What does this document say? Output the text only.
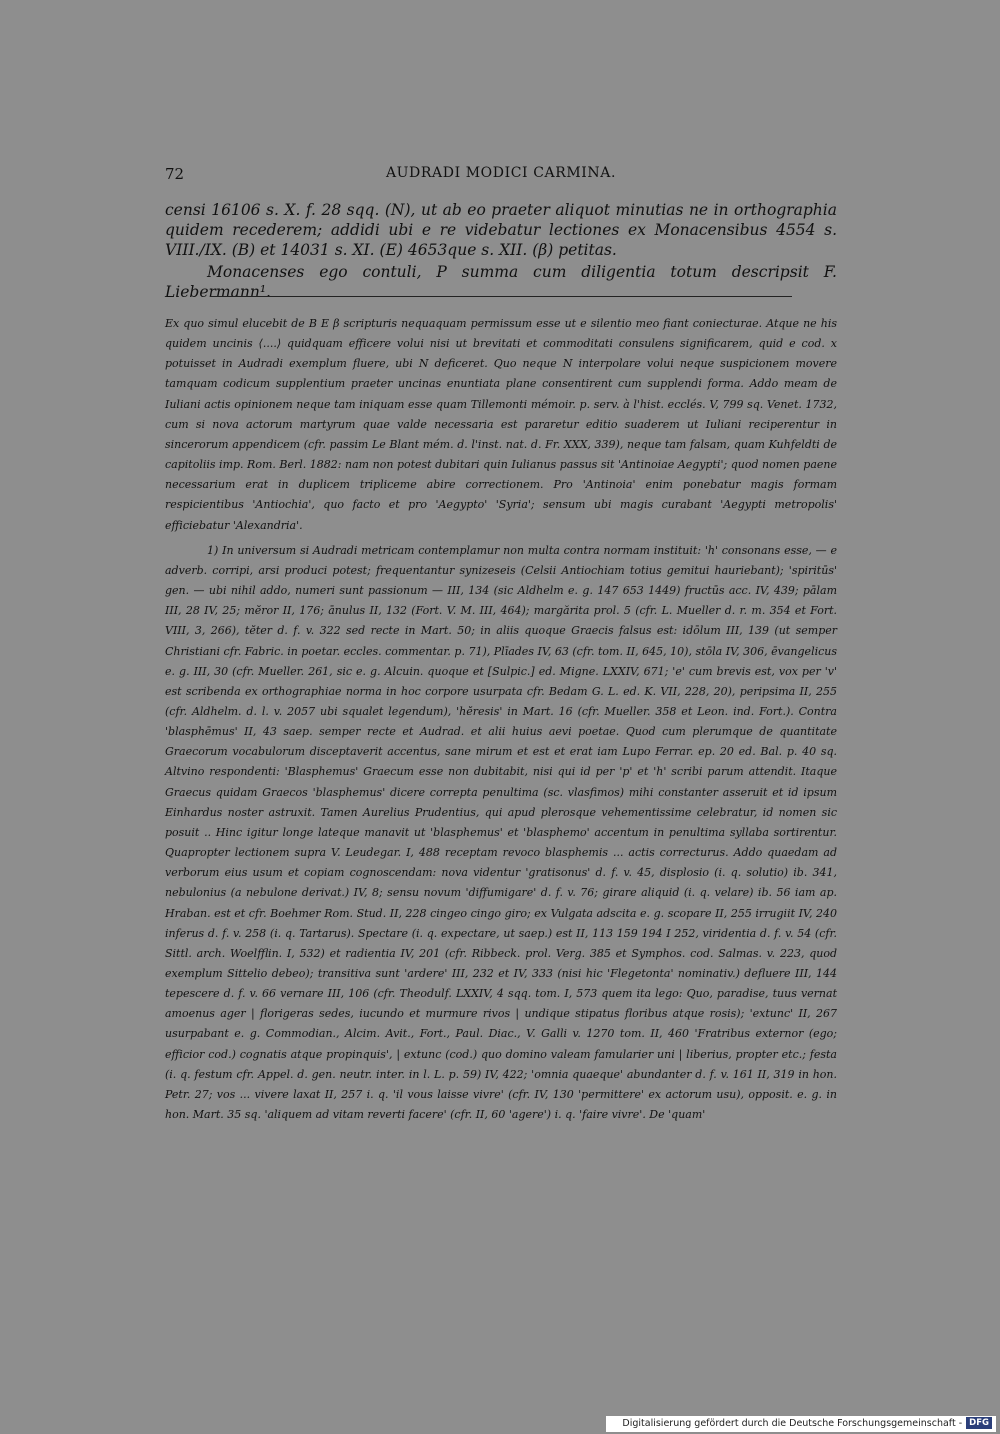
72	AUDRADI MODICI CARMINA.

censi 16106 s. X. f. 28 sqq. (N), ut ab eo praeter aliquot minutias ne in orthographia quidem recederem; addidi ubi e re videbatur lectiones ex Monacensibus 4554 s. VIII./IX. (B) et 14031 s. XI. (E) 4653que s. XII. (β) petitas.

Monacenses ego contuli, P summa cum diligentia totum descripsit F. Liebermann¹.

Ex quo simul elucebit de B E β scripturis nequaquam permissum esse ut e silentio meo fiant coniecturae. Atque ne his quidem uncinis ⟨....⟩ quidquam efficere volui nisi ut brevitati et commoditati consulens significarem, quid e cod. x potuisset in Audradi exemplum fluere, ubi N deficeret. Quo neque N interpolare volui neque suspicionem movere tamquam codicum supplentium praeter uncinas enuntiata plane consentirent cum supplendi forma. Addo meam de Iuliani actis opinionem neque tam iniquam esse quam Tillemonti mémoir. p. serv. à l'hist. ecclés. V, 799 sq. Venet. 1732, cum si nova actorum martyrum quae valde necessaria est pararetur editio suaderem ut Iuliani reciperentur in sincerorum appendicem (cfr. passim Le Blant mém. d. l'inst. nat. d. Fr. XXX, 339), neque tam falsam, quam Kuhfeldti de capitoliis imp. Rom. Berl. 1882: nam non potest dubitari quin Iulianus passus sit 'Antinoiae Aegypti'; quod nomen paene necessarium erat in duplicem tripliceme abire correctionem. Pro 'Antinoia' enim ponebatur magis formam respicientibus 'Antiochia', quo facto et pro 'Aegypto' 'Syria'; sensum ubi magis curabant 'Aegypti metropolis' efficiebatur 'Alexandria'.

1) In universum si Audradi metricam contemplamur non multa contra normam instituit: 'h' consonans esse, — e adverb. corripi, arsi produci potest; frequentantur synizeseis (Celsii Antiochiam totius gemitui hauriebant); 'spiritūs' gen. — ubi nihil addo, numeri sunt passionum — III, 134 (sic Aldhelm e. g. 147 653 1449) fructūs acc. IV, 439; pālam III, 28 IV, 25; mĕror II, 176; ānulus II, 132 (Fort. V. M. III, 464); margărita prol. 5 (cfr. L. Mueller d. r. m. 354 et Fort. VIII, 3, 266), tĕter d. f. v. 322 sed recte in Mart. 50; in aliis quoque Graecis falsus est: idōlum III, 139 (ut semper Christiani cfr. Fabric. in poetar. eccles. commentar. p. 71), Plīades IV, 63 (cfr. tom. II, 645, 10), stōla IV, 306, ēvangelicus e. g. III, 30 (cfr. Mueller. 261, sic e. g. Alcuin. quoque et [Sulpic.] ed. Migne. LXXIV, 671; 'e' cum brevis est, vox per 'v' est scribenda ex orthographiae norma in hoc corpore usurpata cfr. Bedam G. L. ed. K. VII, 228, 20), peripsima II, 255 (cfr. Aldhelm. d. l. v. 2057 ubi squalet legendum), 'hĕresis' in Mart. 16 (cfr. Mueller. 358 et Leon. ind. Fort.). Contra 'blasphēmus' II, 43 saep. semper recte et Audrad. et alii huius aevi poetae. Quod cum plerumque de quantitate Graecorum vocabulorum disceptaverit accentus, sane mirum et est et erat iam Lupo Ferrar. ep. 20 ed. Bal. p. 40 sq. Altvino respondenti: 'Blasphemus' Graecum esse non dubitabit, nisi qui id per 'p' et 'h' scribi parum attendit. Itaque Graecus quidam Graecos 'blasphemus' dicere correpta penultima (sc. vlasfimos) mihi constanter asseruit et id ipsum Einhardus noster astruxit. Tamen Aurelius Prudentius, qui apud plerosque vehementissime celebratur, id nomen sic posuit .. Hinc igitur longe lateque manavit ut 'blasphemus' et 'blasphemo' accentum in penultima syllaba sortirentur. Quapropter lectionem supra V. Leudegar. I, 488 receptam revoco blasphemis ... actis correcturus. Addo quaedam ad verborum eius usum et copiam cognoscendam: nova videntur 'gratisonus' d. f. v. 45, displosio (i. q. solutio) ib. 341, nebulonius (a nebulone derivat.) IV, 8; sensu novum 'diffumigare' d. f. v. 76; girare aliquid (i. q. velare) ib. 56 iam ap. Hraban. est et cfr. Boehmer Rom. Stud. II, 228 cingeo cingo giro; ex Vulgata adscita e. g. scopare II, 255 irrugiit IV, 240 inferus d. f. v. 258 (i. q. Tartarus). Spectare (i. q. expectare, ut saep.) est II, 113 159 194 I 252, viridentia d. f. v. 54 (cfr. Sittl. arch. Woelfflin. I, 532) et radientia IV, 201 (cfr. Ribbeck. prol. Verg. 385 et Symphos. cod. Salmas. v. 223, quod exemplum Sittelio debeo); transitiva sunt 'ardere' III, 232 et IV, 333 (nisi hic 'Flegetonta' nominativ.) defluere III, 144 tepescere d. f. v. 66 vernare III, 106 (cfr. Theodulf. LXXIV, 4 sqq. tom. I, 573 quem ita lego: Quo, paradise, tuus vernat amoenus ager | florigeras sedes, iucundo et murmure rivos | undique stipatus floribus atque rosis); 'extunc' II, 267 usurpabant e. g. Commodian., Alcim. Avit., Fort., Paul. Diac., V. Galli v. 1270 tom. II, 460 'Fratribus externor (ego; efficior cod.) cognatis atque propinquis', | extunc (cod.) quo domino valeam famularier uni | liberius, propter etc.; festa (i. q. festum cfr. Appel. d. gen. neutr. inter. in l. L. p. 59) IV, 422; 'omnia quaeque' abundanter d. f. v. 161 II, 319 in hon. Petr. 27; vos ... vivere laxat II, 257 i. q. 'il vous laisse vivre' (cfr. IV, 130 'permittere' ex actorum usu), opposit. e. g. in hon. Mart. 35 sq. 'aliquem ad vitam reverti facere' (cfr. II, 60 'agere') i. q. 'faire vivre'. De 'quam'

Digitalisierung gefördert durch die Deutsche Forschungsgemeinschaft - DFG
